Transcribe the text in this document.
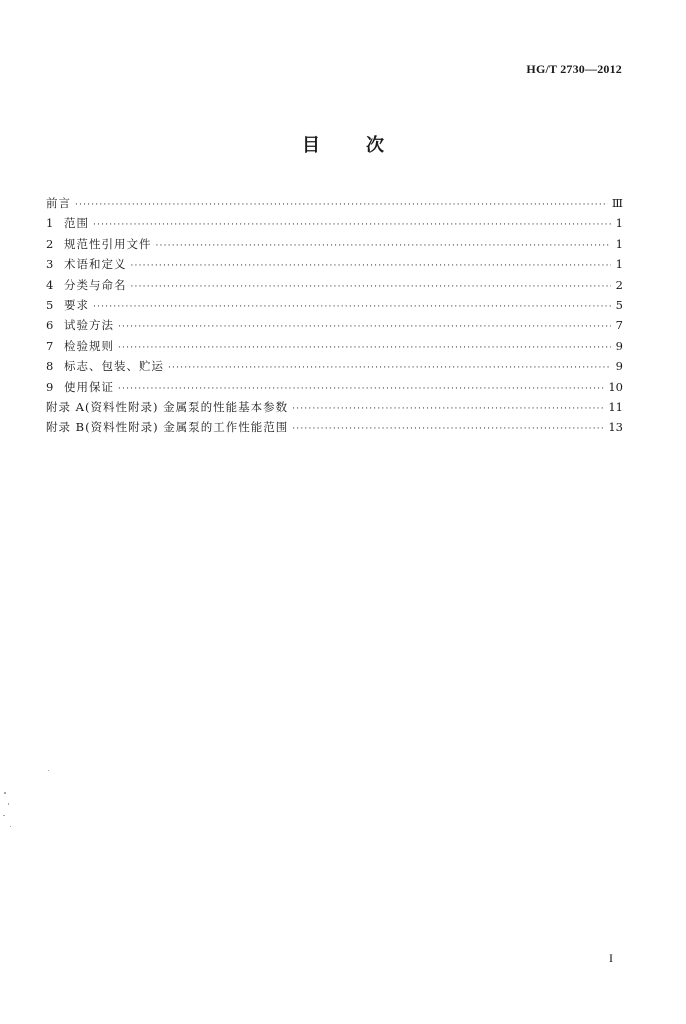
HG/T 2730—2012
目	次
前言 ·····	Ⅲ
1 范围 ·····	1
2 规范性引用文件 ·····	1
3 术语和定义 ·····	1
4 分类与命名 ·····	2
5 要求 ·····	5
6 试验方法 ·····	7
7 检验规则 ·····	9
8 标志、包装、贮运 ·····	9
9 使用保证 ·····	10
附录 A(资料性附录) 金属泵的性能基本参数 ·····	11
附录 B(资料性附录) 金属泵的工作性能范围 ·····	13
I
